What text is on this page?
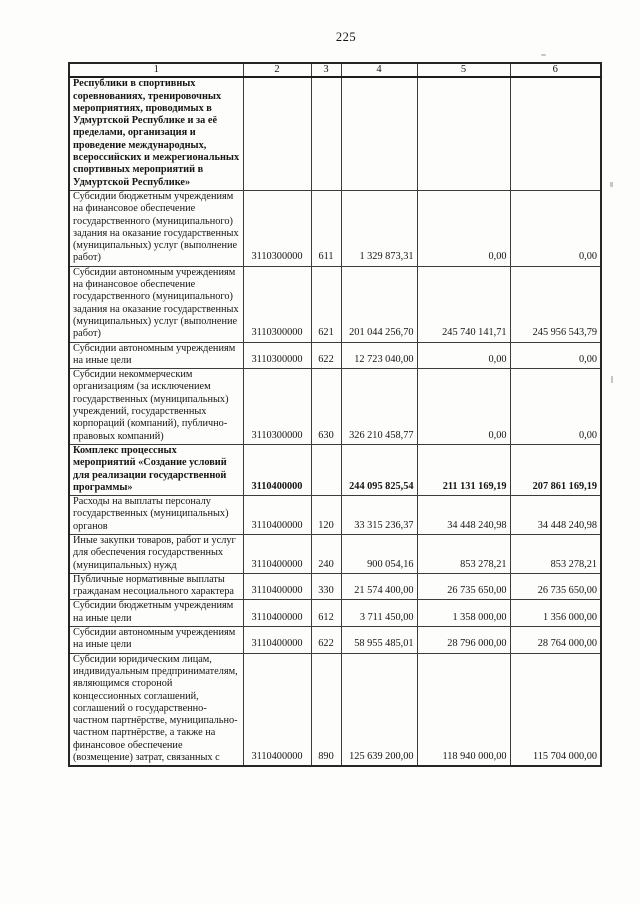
225
1	2	3	4	5	6
Республики в спортивных соревнованиях, тренировочных мероприятиях, проводимых в Удмуртской Республике и за её пределами, организация и проведение международных, всероссийских и межрегиональных спортивных мероприятий в Удмуртской Республике»					
Субсидии бюджетным учреждениям на финансовое обеспечение государственного (муниципального) задания на оказание государственных (муниципальных) услуг (выполнение работ)	3110300000	611	1 329 873,31	0,00	0,00
Субсидии автономным учреждениям на финансовое обеспечение государственного (муниципального) задания на оказание государственных (муниципальных) услуг (выполнение работ)	3110300000	621	201 044 256,70	245 740 141,71	245 956 543,79
Субсидии автономным учреждениям на иные цели	3110300000	622	12 723 040,00	0,00	0,00
Субсидии некоммерческим организациям (за исключением государственных (муниципальных) учреждений, государственных корпораций (компаний), публично-правовых компаний)	3110300000	630	326 210 458,77	0,00	0,00
Комплекс процессных мероприятий «Создание условий для реализации государственной программы»	3110400000		244 095 825,54	211 131 169,19	207 861 169,19
Расходы на выплаты персоналу государственных (муниципальных) органов	3110400000	120	33 315 236,37	34 448 240,98	34 448 240,98
Иные закупки товаров, работ и услуг для обеспечения государственных (муниципальных) нужд	3110400000	240	900 054,16	853 278,21	853 278,21
Публичные нормативные выплаты гражданам несоциального характера	3110400000	330	21 574 400,00	26 735 650,00	26 735 650,00
Субсидии бюджетным учреждениям на иные цели	3110400000	612	3 711 450,00	1 358 000,00	1 356 000,00
Субсидии автономным учреждениям на иные цели	3110400000	622	58 955 485,01	28 796 000,00	28 764 000,00
Субсидии юридическим лицам, индивидуальным предпринимателям, являющимся стороной концессионных соглашений, соглашений о государственно-частном партнёрстве, муниципально-частном партнёрстве, а также на финансовое обеспечение (возмещение) затрат, связанных с	3110400000	890	125 639 200,00	118 940 000,00	115 704 000,00
